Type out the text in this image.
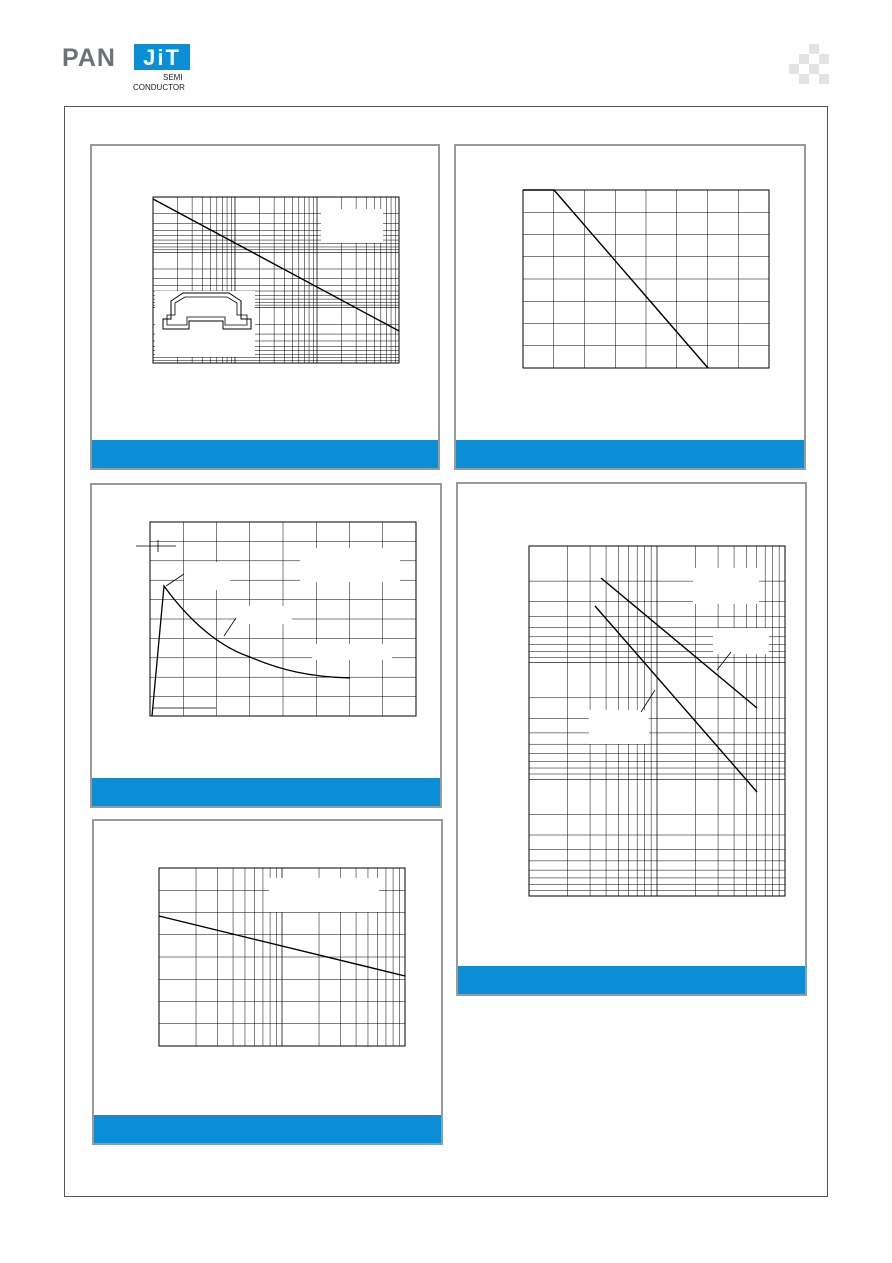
PAN	JiT
SEMI
CONDUCTOR
